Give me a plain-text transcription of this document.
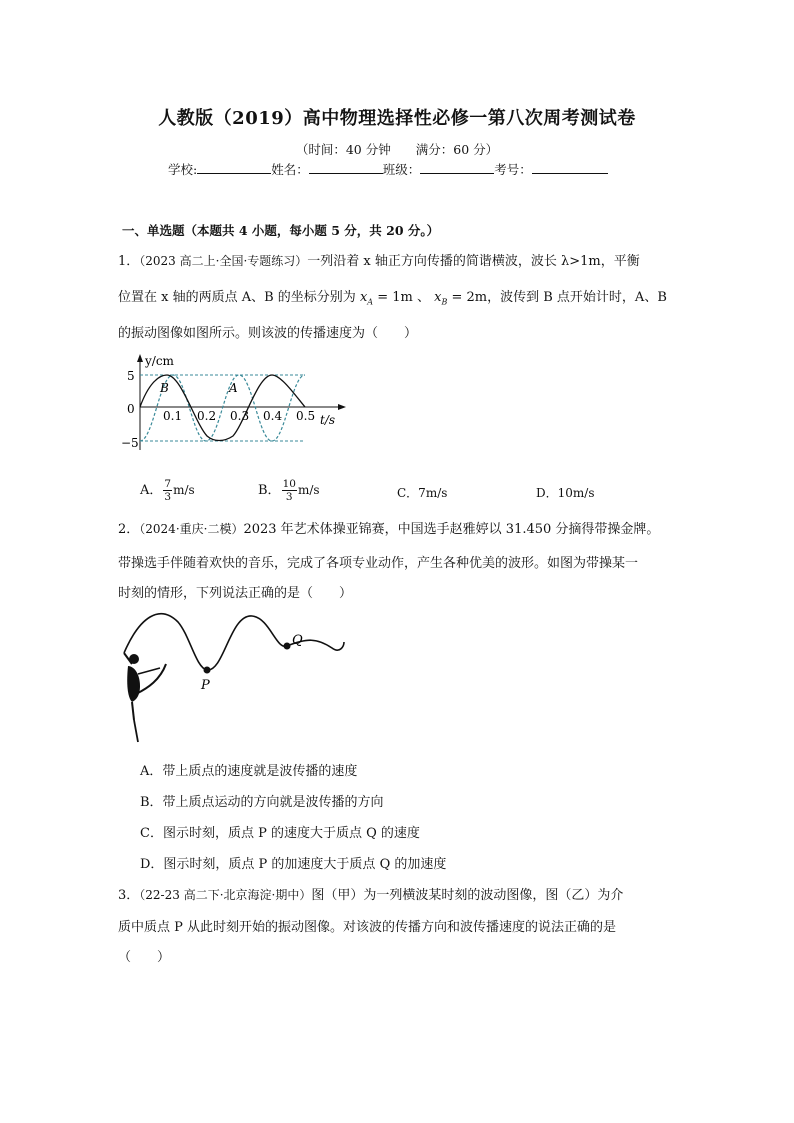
人教版（2019）高中物理选择性必修一第八次周考测试卷
（时间：40 分钟　　满分：60 分）
学校:	姓名：	班级：	考号：
一、单选题（本题共 4 小题，每小题 5 分，共 20 分。）
1．（2023 高二上·全国·专题练习）一列沿着 x 轴正方向传播的简谐横波，波长 λ>1m，平衡
位置在 x 轴的两质点 A、B 的坐标分别为 $x_A = 1m$ 、 $x_B = 2m$，波传到 B 点开始计时，A、B
的振动图像如图所示。则该波的传播速度为（　　）
y/cm
t/s
5
0
−5
0.1 0.2 0.3 0.4 0.5
B	A
A． $\frac{7}{3} m/s$	B． $\frac{10}{3} m/s$	C．7m/s	D．10m/s
2．（2024·重庆·二模）2023 年艺术体操亚锦赛，中国选手赵雅婷以 31.450 分摘得带操金牌。
带操选手伴随着欢快的音乐，完成了各项专业动作，产生各种优美的波形。如图为带操某一
时刻的情形，下列说法正确的是（　　）
P
Q
A．带上质点的速度就是波传播的速度
B．带上质点运动的方向就是波传播的方向
C．图示时刻，质点 P 的速度大于质点 Q 的速度
D．图示时刻，质点 P 的加速度大于质点 Q 的加速度
3．（22-23 高二下·北京海淀·期中）图（甲）为一列横波某时刻的波动图像，图（乙）为介
质中质点 P 从此时刻开始的振动图像。对该波的传播方向和波传播速度的说法正确的是
（　　）
